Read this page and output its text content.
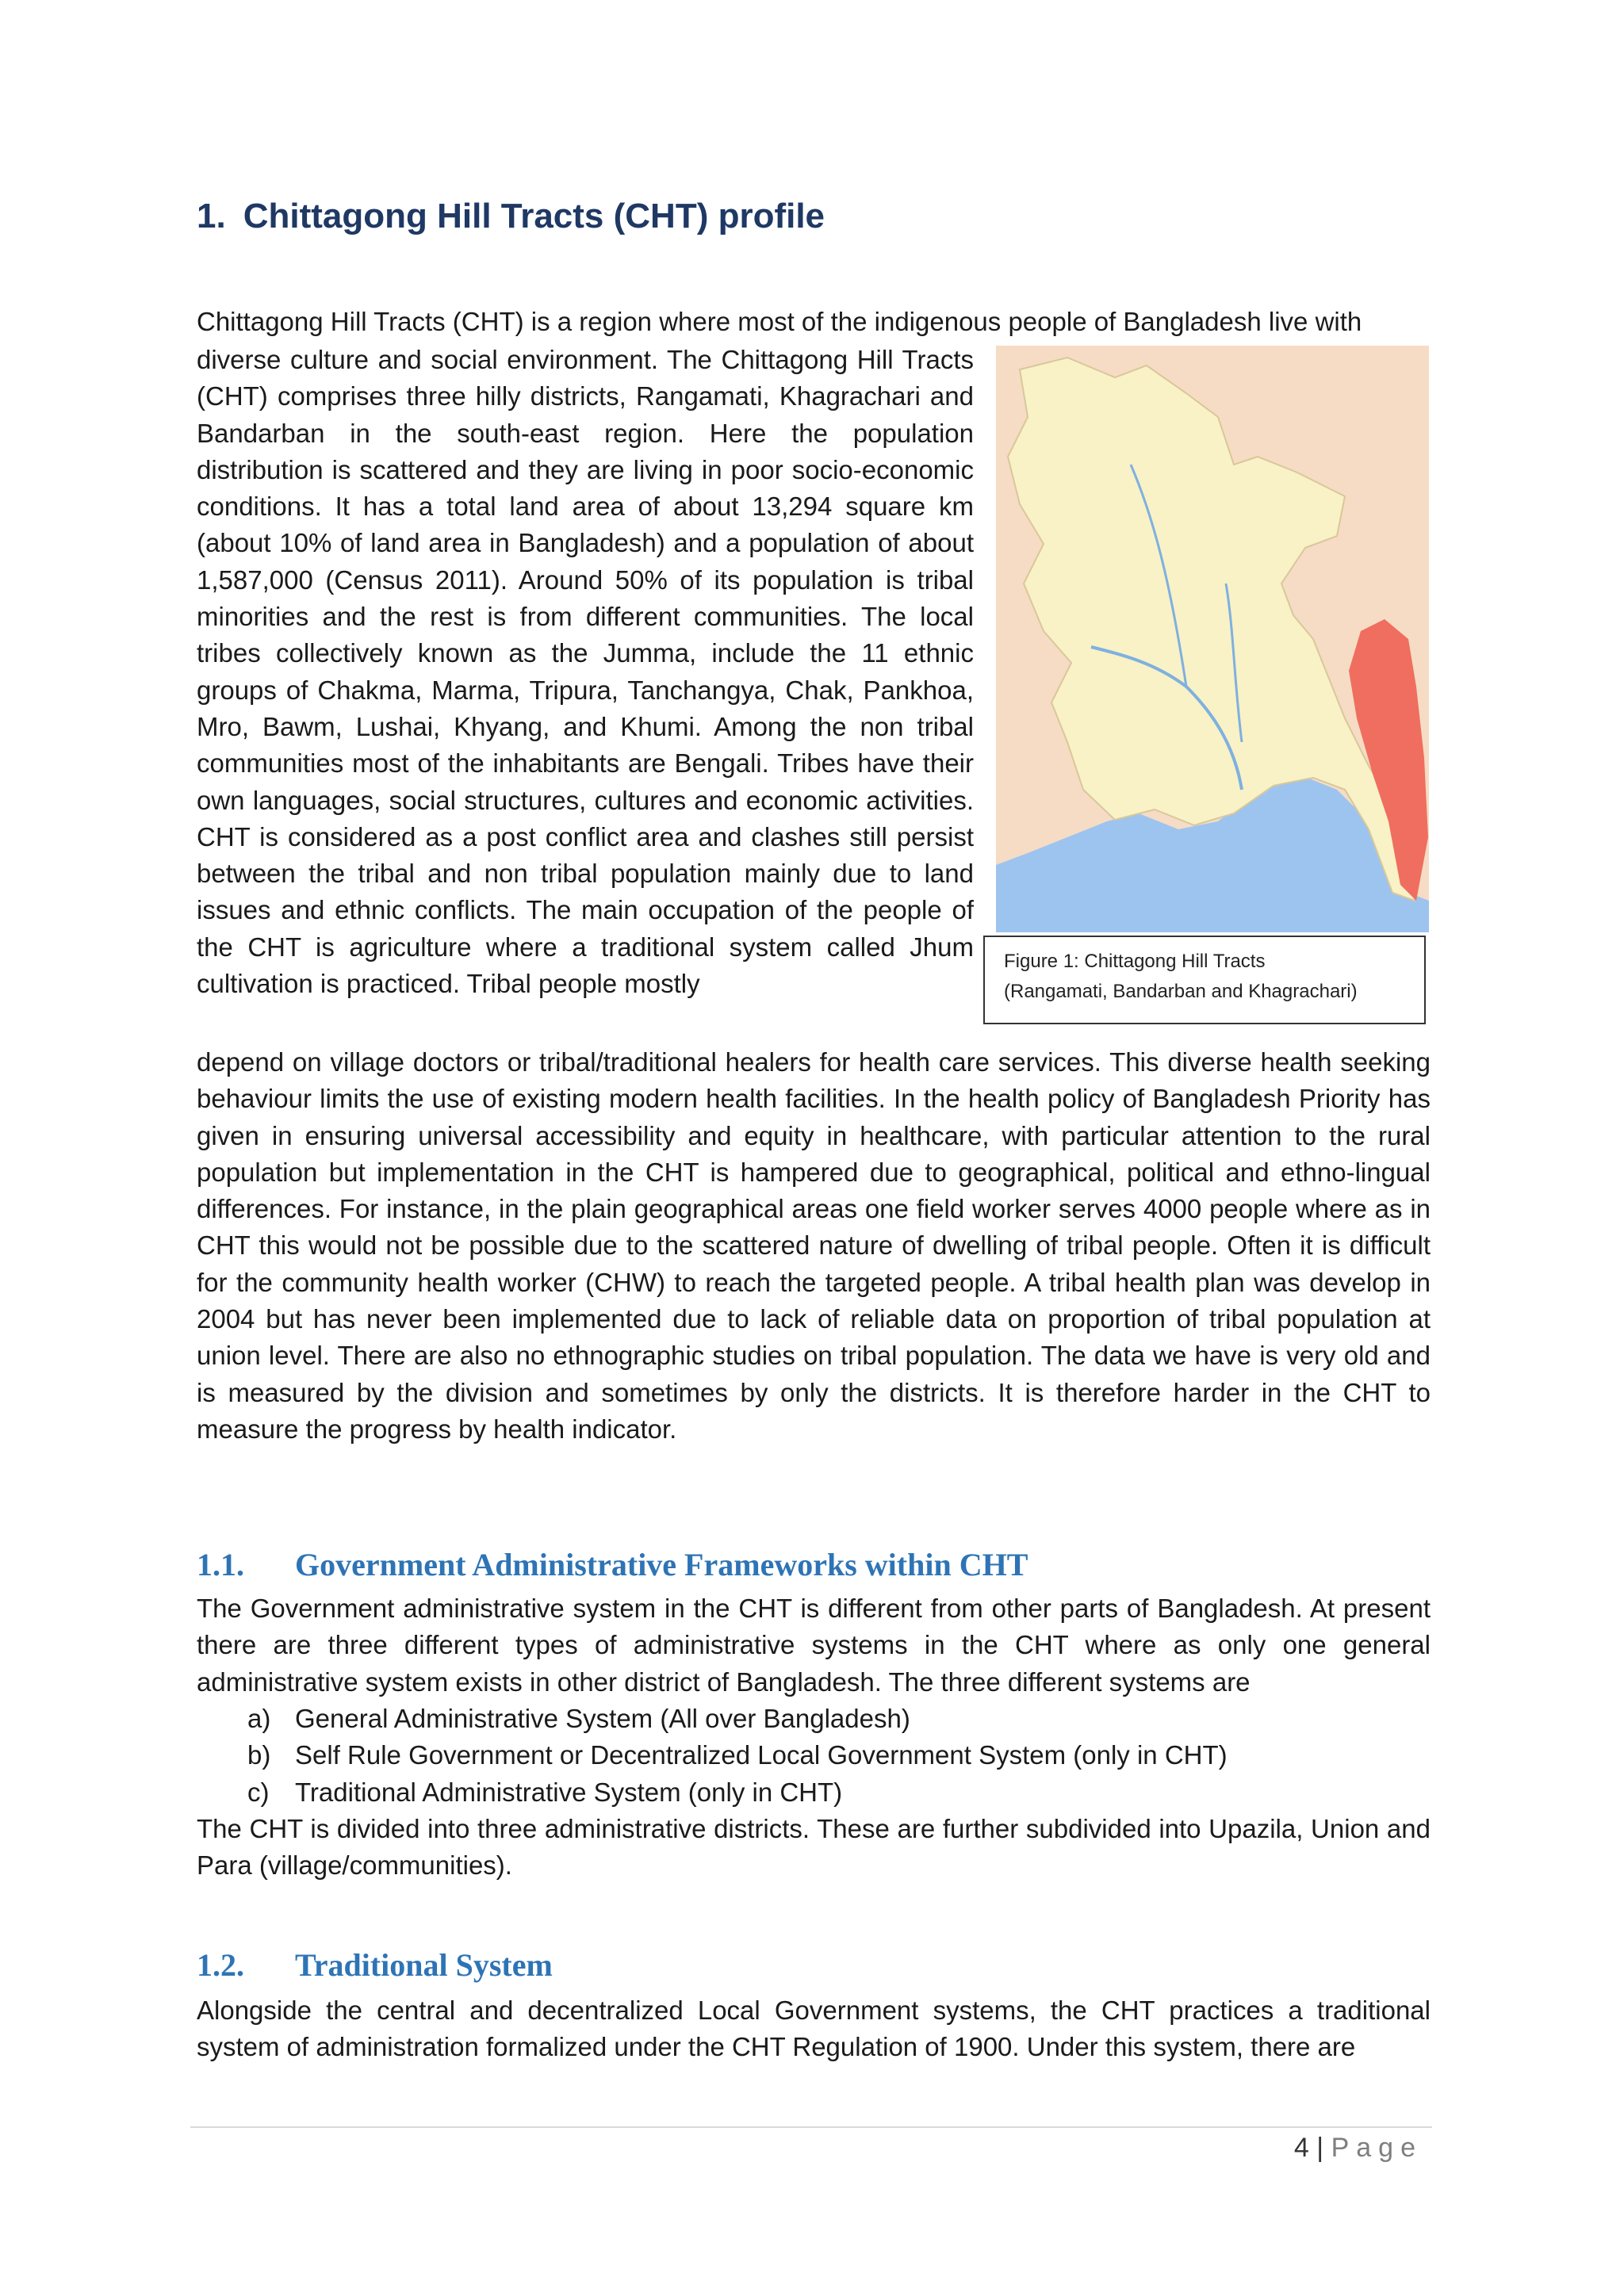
1. Chittagong Hill Tracts (CHT) profile

Chittagong Hill Tracts (CHT) is a region where most of the indigenous people of Bangladesh live with

diverse culture and social environment. The Chittagong Hill Tracts (CHT) comprises three hilly districts, Rangamati, Khagrachari and Bandarban in the south-east region. Here the population distribution is scattered and they are living in poor socio-economic conditions. It has a total land area of about 13,294 square km (about 10% of land area in Bangladesh) and a population of about 1,587,000 (Census 2011). Around 50% of its population is tribal minorities and the rest is from different communities. The local tribes collectively known as the Jumma, include the 11 ethnic groups of Chakma, Marma, Tripura, Tanchangya, Chak, Pankhoa, Mro, Bawm, Lushai, Khyang, and Khumi. Among the non tribal communities most of the inhabitants are Bengali. Tribes have their own languages, social structures, cultures and economic activities. CHT is considered as a post conflict area and clashes still persist between the tribal and non tribal population mainly due to land issues and ethnic conflicts. The main occupation of the people of the CHT is agriculture where a traditional system called Jhum cultivation is practiced. Tribal people mostly

Figure 1: Chittagong Hill Tracts
(Rangamati, Bandarban and Khagrachari)

depend on village doctors or tribal/traditional healers for health care services. This diverse health seeking behaviour limits the use of existing modern health facilities. In the health policy of Bangladesh Priority has given in ensuring universal accessibility and equity in healthcare, with particular attention to the rural population but implementation in the CHT is hampered due to geographical, political and ethno-lingual differences. For instance, in the plain geographical areas one field worker serves 4000 people where as in CHT this would not be possible due to the scattered nature of dwelling of tribal people. Often it is difficult for the community health worker (CHW) to reach the targeted people. A tribal health plan was develop in 2004 but has never been implemented due to lack of reliable data on proportion of tribal population at union level. There are also no ethnographic studies on tribal population. The data we have is very old and is measured by the division and sometimes by only the districts. It is therefore harder in the CHT to measure the progress by health indicator.

1.1. Government Administrative Frameworks within CHT

The Government administrative system in the CHT is different from other parts of Bangladesh. At present there are three different types of administrative systems in the CHT where as only one general administrative system exists in other district of Bangladesh. The three different systems are

a) General Administrative System (All over Bangladesh)
b) Self Rule Government or Decentralized Local Government System (only in CHT)
c) Traditional Administrative System (only in CHT)

The CHT is divided into three administrative districts. These are further subdivided into Upazila, Union and Para (village/communities).

1.2. Traditional System

Alongside the central and decentralized Local Government systems, the CHT practices a traditional system of administration formalized under the CHT Regulation of 1900. Under this system, there are

4 | Page
